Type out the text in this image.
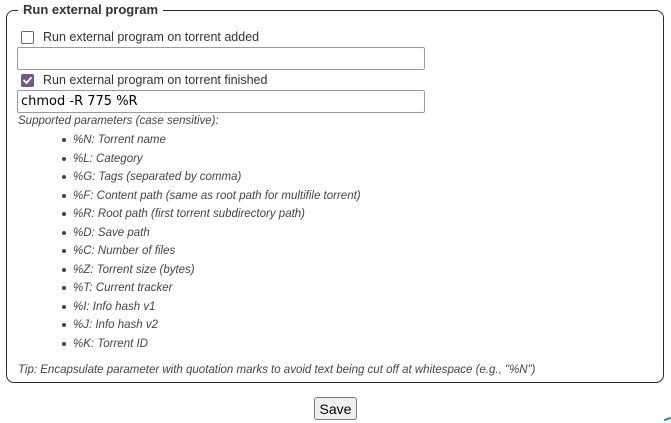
Run external program
Run external program on torrent added
Run external program on torrent finished
chmod -R 775 %R
Supported parameters (case sensitive):
%N: Torrent name
%L: Category
%G: Tags (separated by comma)
%F: Content path (same as root path for multifile torrent)
%R: Root path (first torrent subdirectory path)
%D: Save path
%C: Number of files
%Z: Torrent size (bytes)
%T: Current tracker
%I: Info hash v1
%J: Info hash v2
%K: Torrent ID
Tip: Encapsulate parameter with quotation marks to avoid text being cut off at whitespace (e.g., "%N")
Save
